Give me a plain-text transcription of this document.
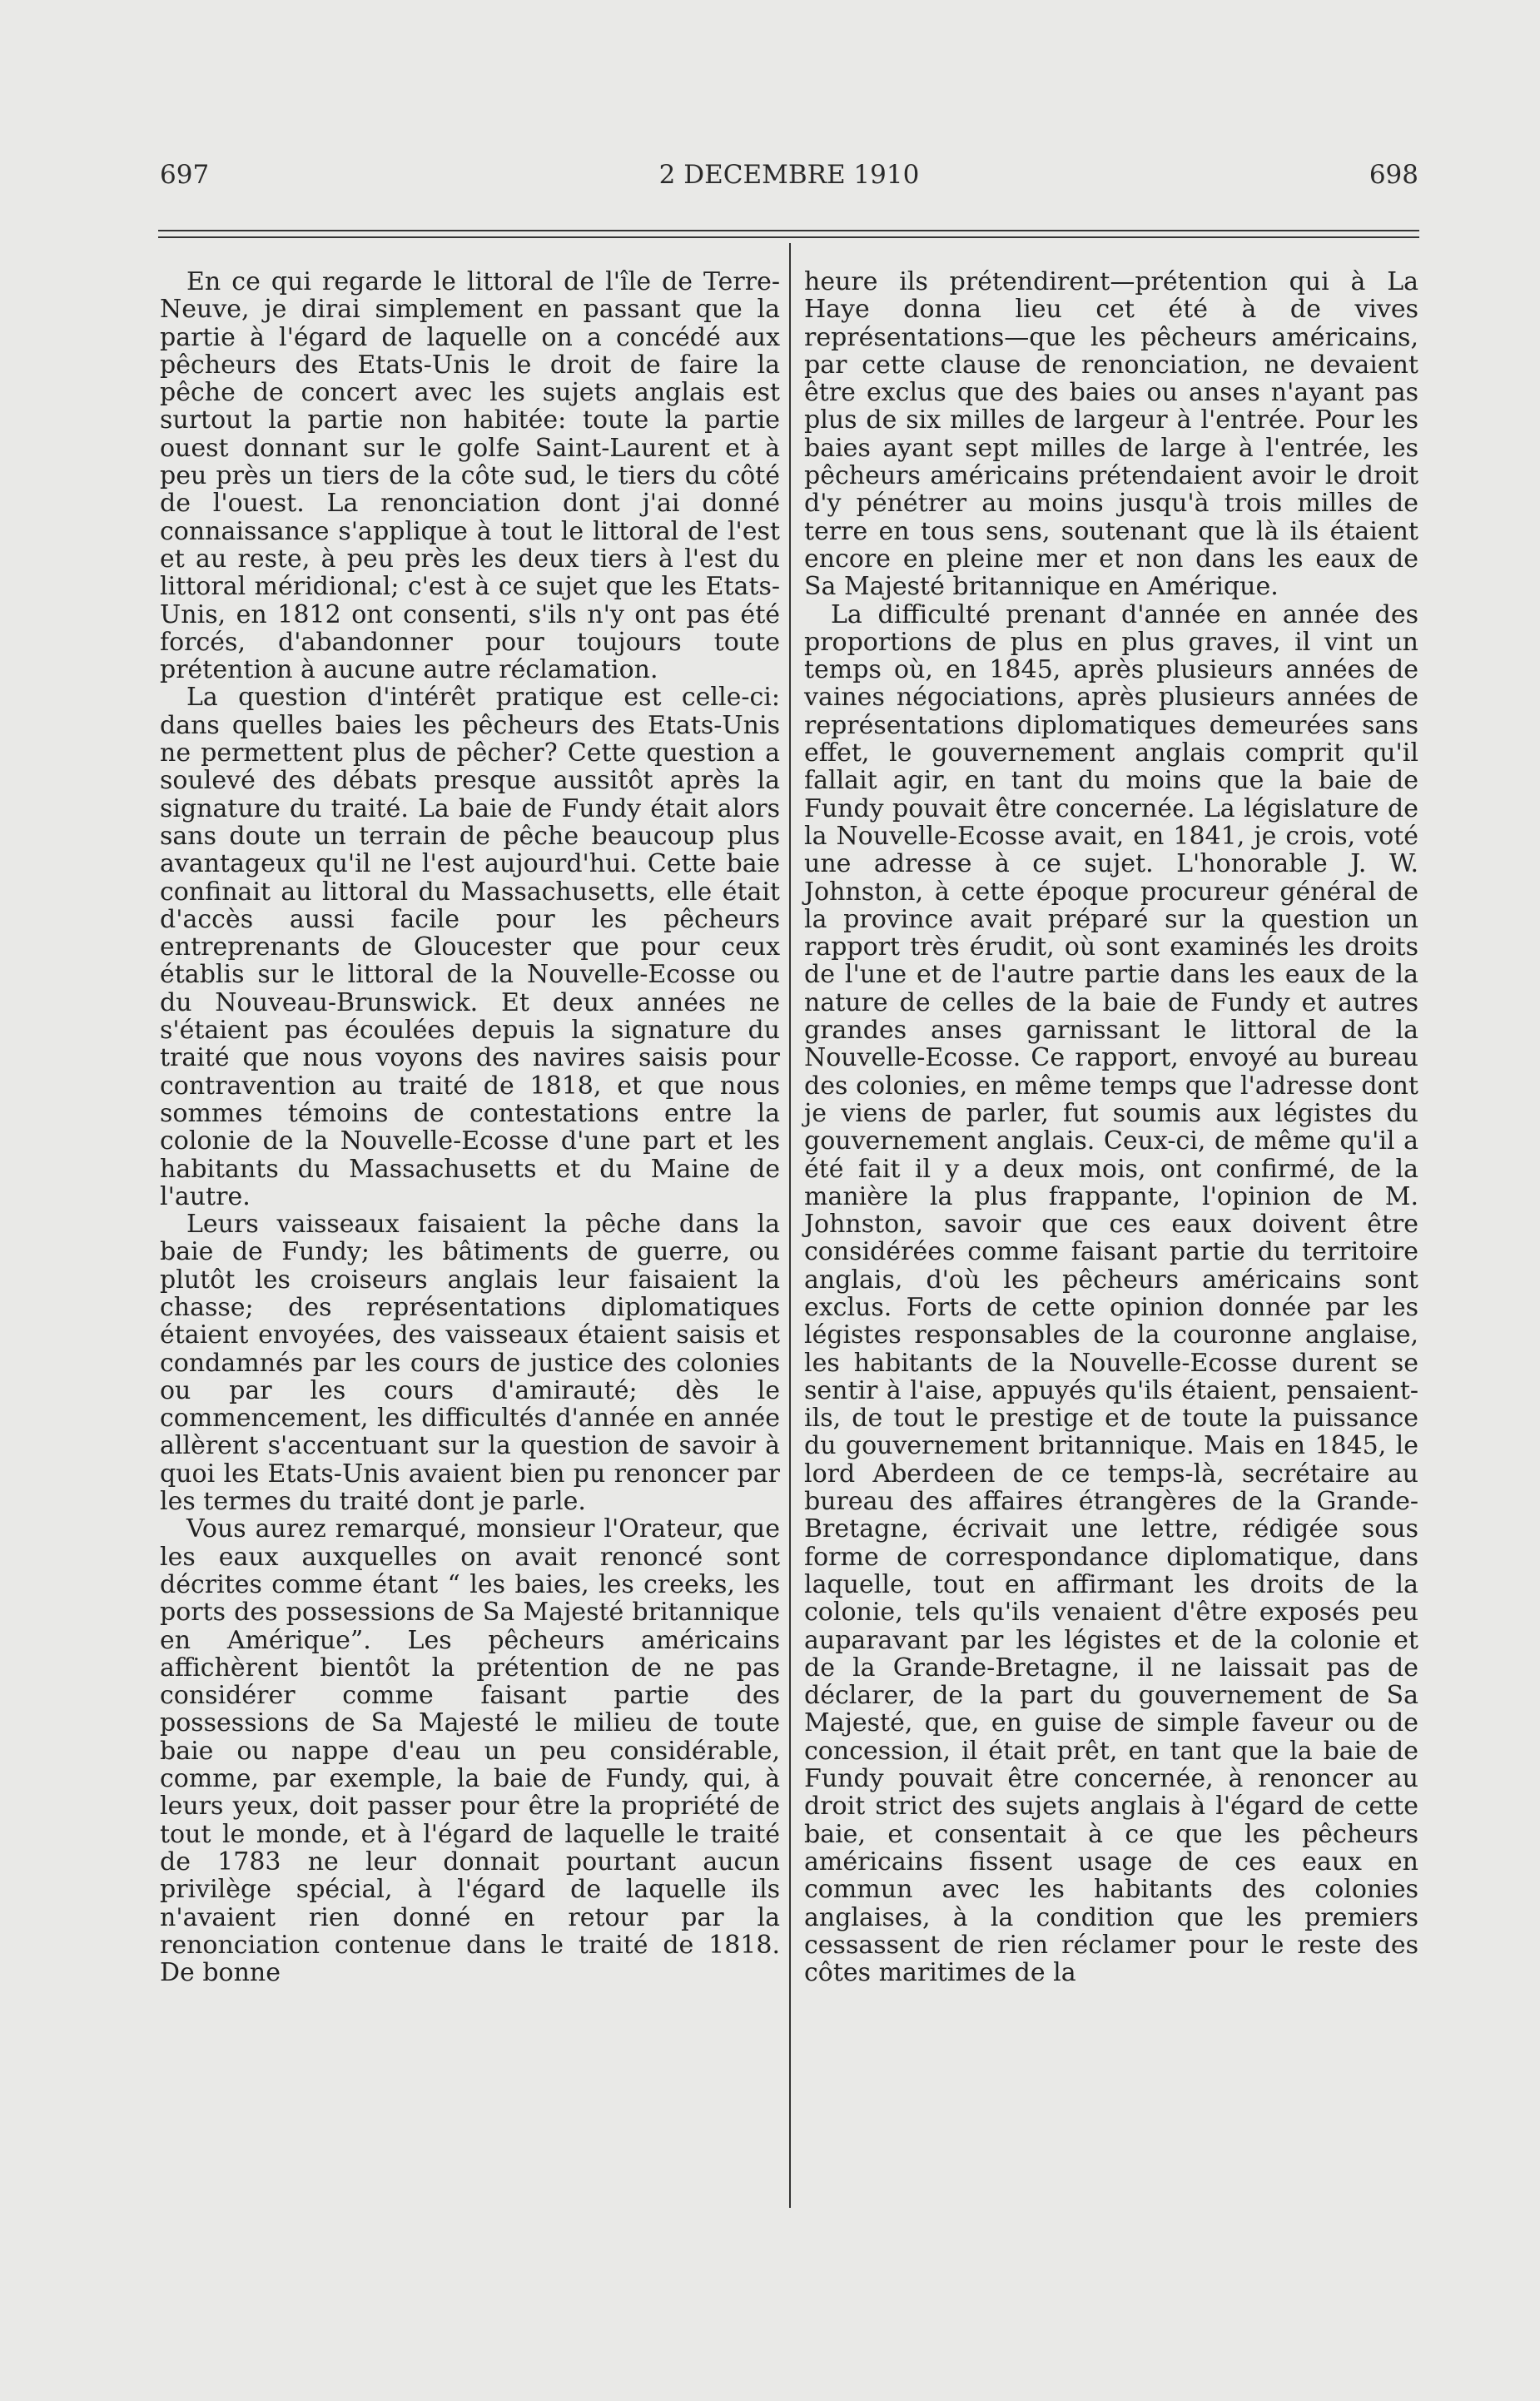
697	2 DECEMBRE 1910	698

En ce qui regarde le littoral de l'île de Terre-Neuve, je dirai simplement en passant que la partie à l'égard de laquelle on a concédé aux pêcheurs des Etats-Unis le droit de faire la pêche de concert avec les sujets anglais est surtout la partie non habitée: toute la partie ouest donnant sur le golfe Saint-Laurent et à peu près un tiers de la côte sud, le tiers du côté de l'ouest. La renonciation dont j'ai donné connaissance s'applique à tout le littoral de l'est et au reste, à peu près les deux tiers à l'est du littoral méridional; c'est à ce sujet que les Etats-Unis, en 1812 ont consenti, s'ils n'y ont pas été forcés, d'abandonner pour toujours toute prétention à aucune autre réclamation.

La question d'intérêt pratique est celle-ci: dans quelles baies les pêcheurs des Etats-Unis ne permettent plus de pêcher? Cette question a soulevé des débats presque aussitôt après la signature du traité. La baie de Fundy était alors sans doute un terrain de pêche beaucoup plus avantageux qu'il ne l'est aujourd'hui. Cette baie confinait au littoral du Massachusetts, elle était d'accès aussi facile pour les pêcheurs entreprenants de Gloucester que pour ceux établis sur le littoral de la Nouvelle-Ecosse ou du Nouveau-Brunswick. Et deux années ne s'étaient pas écoulées depuis la signature du traité que nous voyons des navires saisis pour contravention au traité de 1818, et que nous sommes témoins de contestations entre la colonie de la Nouvelle-Ecosse d'une part et les habitants du Massachusetts et du Maine de l'autre.

Leurs vaisseaux faisaient la pêche dans la baie de Fundy; les bâtiments de guerre, ou plutôt les croiseurs anglais leur faisaient la chasse; des représentations diplomatiques étaient envoyées, des vaisseaux étaient saisis et condamnés par les cours de justice des colonies ou par les cours d'amirauté; dès le commencement, les difficultés d'année en année allèrent s'accentuant sur la question de savoir à quoi les Etats-Unis avaient bien pu renoncer par les termes du traité dont je parle.

Vous aurez remarqué, monsieur l'Orateur, que les eaux auxquelles on avait renoncé sont décrites comme étant “ les baies, les creeks, les ports des possessions de Sa Majesté britannique en Amérique”. Les pêcheurs américains affichèrent bientôt la prétention de ne pas considérer comme faisant partie des possessions de Sa Majesté le milieu de toute baie ou nappe d'eau un peu considérable, comme, par exemple, la baie de Fundy, qui, à leurs yeux, doit passer pour être la propriété de tout le monde, et à l'égard de laquelle le traité de 1783 ne leur donnait pourtant aucun privilège spécial, à l'égard de laquelle ils n'avaient rien donné en retour par la renonciation contenue dans le traité de 1818. De bonne

heure ils prétendirent—prétention qui à La Haye donna lieu cet été à de vives représentations—que les pêcheurs américains, par cette clause de renonciation, ne devaient être exclus que des baies ou anses n'ayant pas plus de six milles de largeur à l'entrée. Pour les baies ayant sept milles de large à l'entrée, les pêcheurs américains prétendaient avoir le droit d'y pénétrer au moins jusqu'à trois milles de terre en tous sens, soutenant que là ils étaient encore en pleine mer et non dans les eaux de Sa Majesté britannique en Amérique.

La difficulté prenant d'année en année des proportions de plus en plus graves, il vint un temps où, en 1845, après plusieurs années de vaines négociations, après plusieurs années de représentations diplomatiques demeurées sans effet, le gouvernement anglais comprit qu'il fallait agir, en tant du moins que la baie de Fundy pouvait être concernée. La législature de la Nouvelle-Ecosse avait, en 1841, je crois, voté une adresse à ce sujet. L'honorable J. W. Johnston, à cette époque procureur général de la province avait préparé sur la question un rapport très érudit, où sont examinés les droits de l'une et de l'autre partie dans les eaux de la nature de celles de la baie de Fundy et autres grandes anses garnissant le littoral de la Nouvelle-Ecosse. Ce rapport, envoyé au bureau des colonies, en même temps que l'adresse dont je viens de parler, fut soumis aux légistes du gouvernement anglais. Ceux-ci, de même qu'il a été fait il y a deux mois, ont confirmé, de la manière la plus frappante, l'opinion de M. Johnston, savoir que ces eaux doivent être considérées comme faisant partie du territoire anglais, d'où les pêcheurs américains sont exclus. Forts de cette opinion donnée par les légistes responsables de la couronne anglaise, les habitants de la Nouvelle-Ecosse durent se sentir à l'aise, appuyés qu'ils étaient, pensaient-ils, de tout le prestige et de toute la puissance du gouvernement britannique. Mais en 1845, le lord Aberdeen de ce temps-là, secrétaire au bureau des affaires étrangères de la Grande-Bretagne, écrivait une lettre, rédigée sous forme de correspondance diplomatique, dans laquelle, tout en affirmant les droits de la colonie, tels qu'ils venaient d'être exposés peu auparavant par les légistes et de la colonie et de la Grande-Bretagne, il ne laissait pas de déclarer, de la part du gouvernement de Sa Majesté, que, en guise de simple faveur ou de concession, il était prêt, en tant que la baie de Fundy pouvait être concernée, à renoncer au droit strict des sujets anglais à l'égard de cette baie, et consentait à ce que les pêcheurs américains fissent usage de ces eaux en commun avec les habitants des colonies anglaises, à la condition que les premiers cessassent de rien réclamer pour le reste des côtes maritimes de la
